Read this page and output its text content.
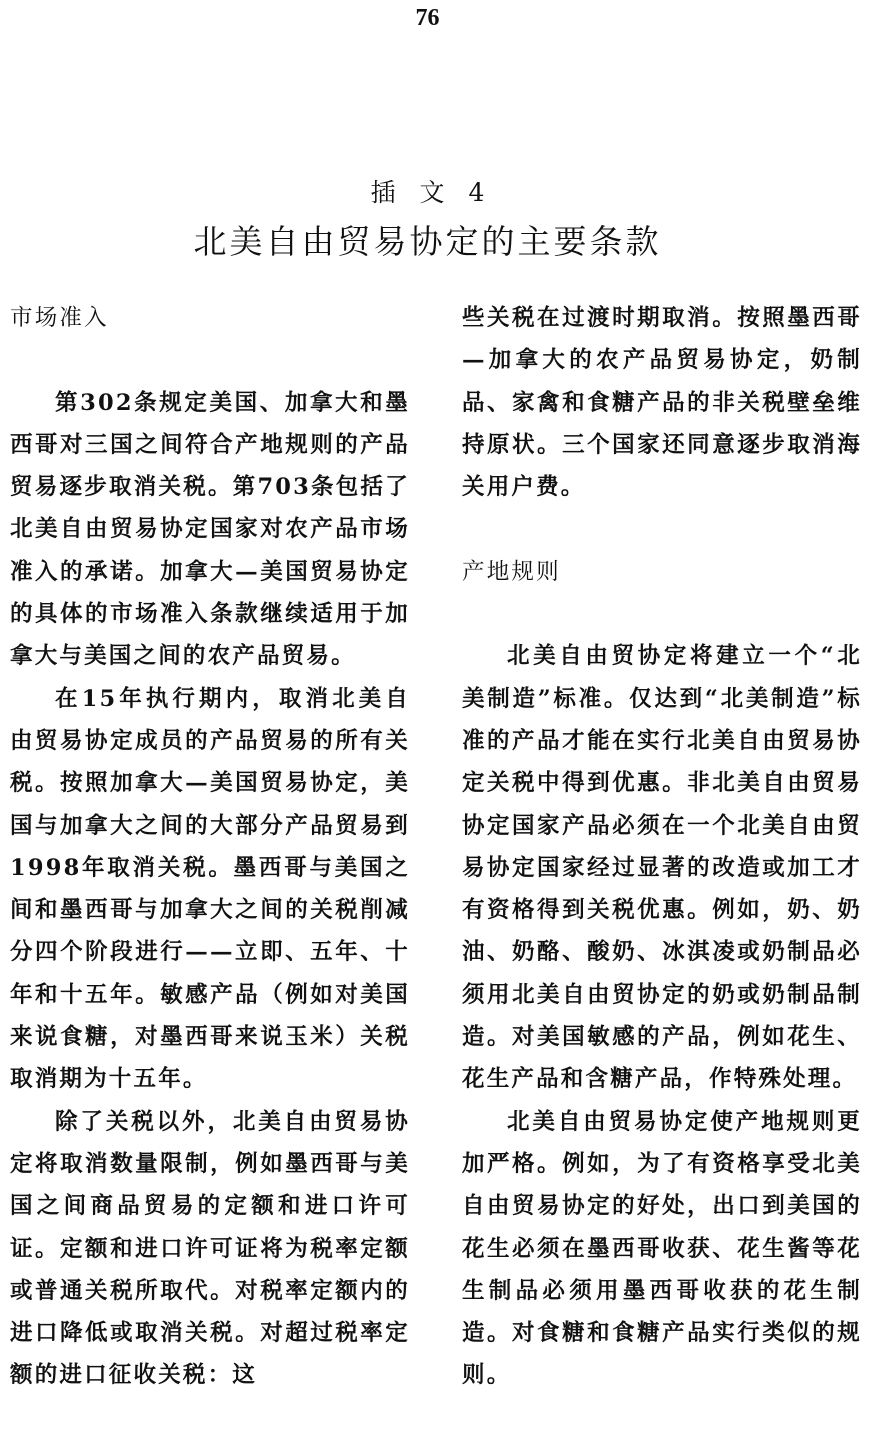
76
插文4
北美自由贸易协定的主要条款
市场准入

第302条规定美国、加拿大和墨西哥对三国之间符合产地规则的产品贸易逐步取消关税。第703条包括了北美自由贸易协定国家对农产品市场准入的承诺。加拿大—美国贸易协定的具体的市场准入条款继续适用于加拿大与美国之间的农产品贸易。

在15年执行期内，取消北美自由贸易协定成员的产品贸易的所有关税。按照加拿大—美国贸易协定，美国与加拿大之间的大部分产品贸易到1998年取消关税。墨西哥与美国之间和墨西哥与加拿大之间的关税削减分四个阶段进行——立即、五年、十年和十五年。敏感产品（例如对美国来说食糖，对墨西哥来说玉米）关税取消期为十五年。

除了关税以外，北美自由贸易协定将取消数量限制，例如墨西哥与美国之间商品贸易的定额和进口许可证。定额和进口许可证将为税率定额或普通关税所取代。对税率定额内的进口降低或取消关税。对超过税率定额的进口征收关税：这

些关税在过渡时期取消。按照墨西哥—加拿大的农产品贸易协定，奶制品、家禽和食糖产品的非关税壁垒维持原状。三个国家还同意逐步取消海关用户费。

产地规则

北美自由贸协定将建立一个“北美制造”标准。仅达到“北美制造”标准的产品才能在实行北美自由贸易协定关税中得到优惠。非北美自由贸易协定国家产品必须在一个北美自由贸易协定国家经过显著的改造或加工才有资格得到关税优惠。例如，奶、奶油、奶酪、酸奶、冰淇凌或奶制品必须用北美自由贸协定的奶或奶制品制造。对美国敏感的产品，例如花生、花生产品和含糖产品，作特殊处理。

北美自由贸易协定使产地规则更加严格。例如，为了有资格享受北美自由贸易协定的好处，出口到美国的花生必须在墨西哥收获、花生酱等花生制品必须用墨西哥收获的花生制造。对食糖和食糖产品实行类似的规则。
